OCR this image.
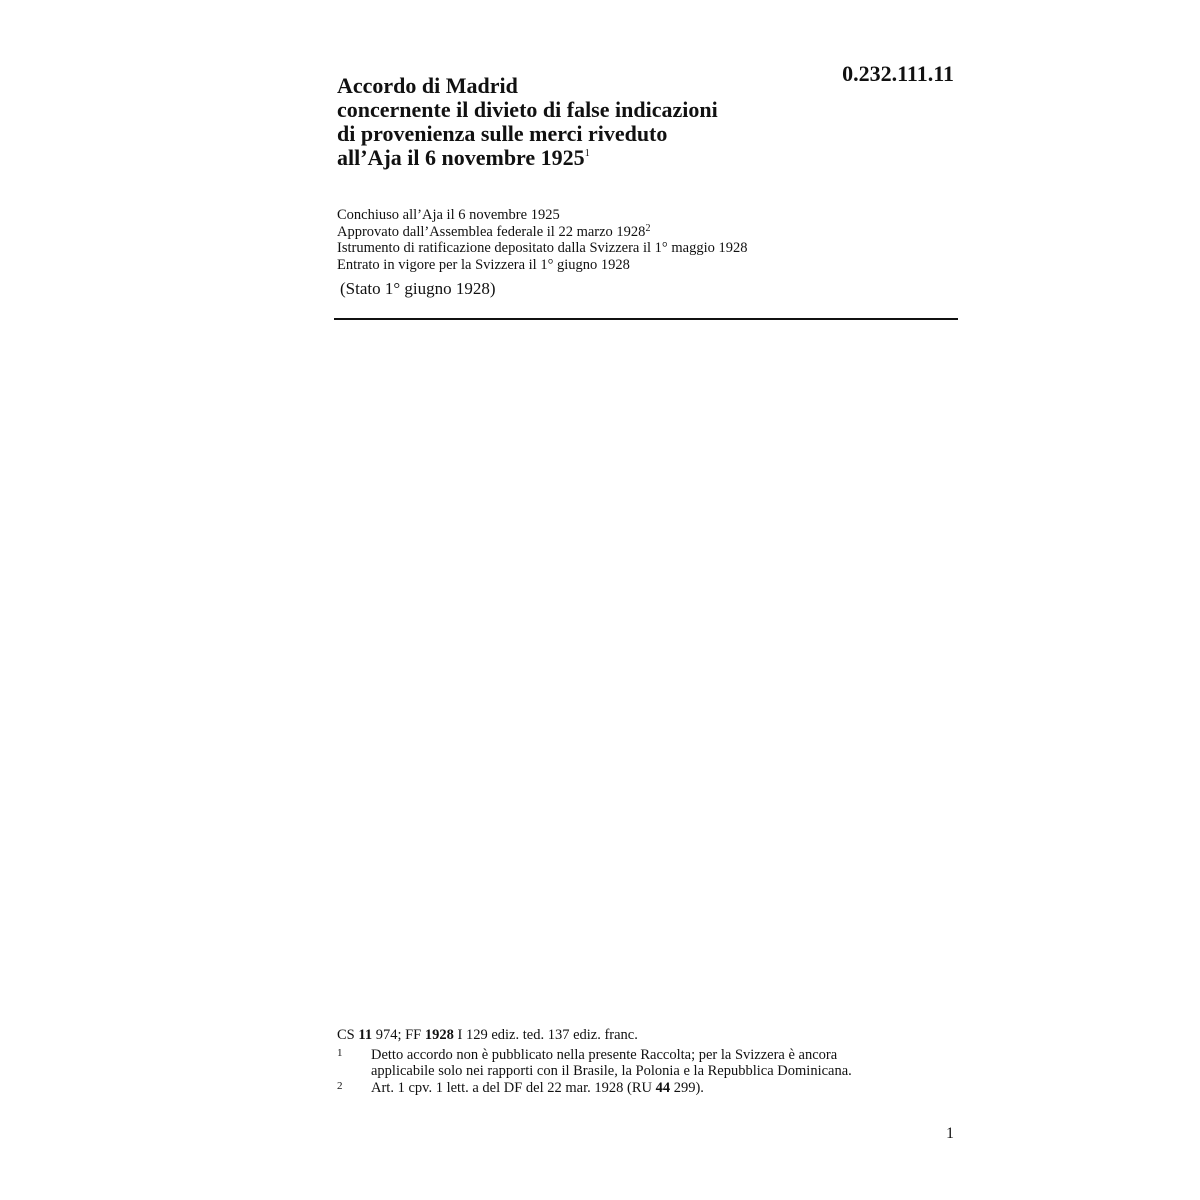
0.232.111.11
Accordo di Madrid
concernente il divieto di false indicazioni
di provenienza sulle merci riveduto
all’Aja il 6 novembre 1925$^1$
Conchiuso all’Aja il 6 novembre 1925
Approvato dall’Assemblea federale il 22 marzo 1928$^2$
Istrumento di ratificazione depositato dalla Svizzera il 1° maggio 1928
Entrato in vigore per la Svizzera il 1° giugno 1928
(Stato 1° giugno 1928)
CS 11 974; FF 1928 I 129 ediz. ted. 137 ediz. franc.
1 Detto accordo non è pubblicato nella presente Raccolta; per la Svizzera è ancora
applicabile solo nei rapporti con il Brasile, la Polonia e la Repubblica Dominicana.
2 Art. 1 cpv. 1 lett. a del DF del 22 mar. 1928 (RU 44 299).
1
